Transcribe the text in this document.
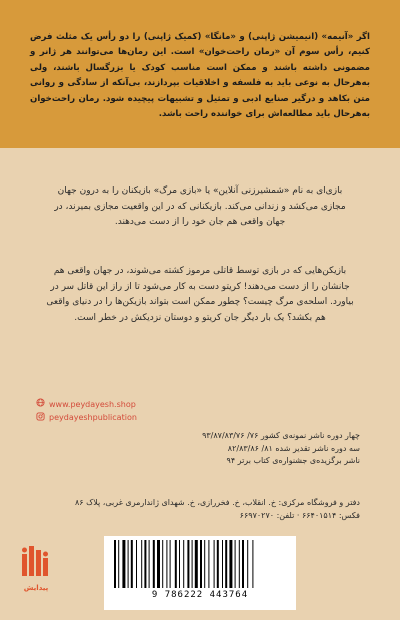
اگر «آنیمه» (انیمیشن ژاپنی) و «مانگا» (کمیک ژاپنی) را دو رأس یک مثلث فرض کنیم، رأس سوم آن «رمان راحت‌خوان» است. این رمان‌ها می‌توانند هر ژانر و مضمونی داشته باشند و ممکن است مناسب کودک یا بزرگسال باشند، ولی به‌هرحال به نوعی باید به فلسفه و اخلاقیات بپردازند، بی‌آنکه از سادگی و روانی متن بکاهد و درگیر صنایع ادبی و تمثیل و تشبیهات پیچیده شود. رمان راحت‌خوان به‌هرحال باید مطالعه‌اش برای خواننده راحت باشد.
بازی‌ای به نام «شمشیرزنی آنلاین» یا «بازی مرگ» بازیکنان را به درون جهان مجازی می‌کشد و زندانی می‌کند. بازیکنانی که در این واقعیت مجازی بمیرند، در جهان واقعی هم جان خود را از دست می‌دهند.
بازیکن‌هایی که در بازی توسط قاتلی مرموز کشته می‌شوند، در جهان واقعی هم جانشان را از دست می‌دهند! کریتو دست به کار می‌شود تا از راز این قاتل سر در بیاورد. اسلحه‌ی مرگ چیست؟ چطور ممکن است بتواند بازیکن‌ها را در دنیای واقعی هم بکشد؟ یک بار دیگر جان کریتو و دوستان نزدیکش در خطر است.
www.peydayesh.shop
peydayeshpublication
چهار دوره ناشر نمونه‌ی کشور ۷۶/ ۹۳/۸۷/۸۳/۷۶
سه دوره ناشر تقدیر شده ۸۱/ ۸۲/۸۳/۸۶
ناشر برگزیده‌ی جشنواره‌ی کتاب برتر ۹۴
دفتر و فروشگاه مرکزی: خ. انقلاب، خ. فخررازی، خ. شهدای ژاندارمری غربی، پلاک ۸۶
فکس: ۶۶۴۰۱۵۱۴ · تلفن: ۶۶۹۷۰۲۷۰
پیدایش
9 786222 443764
